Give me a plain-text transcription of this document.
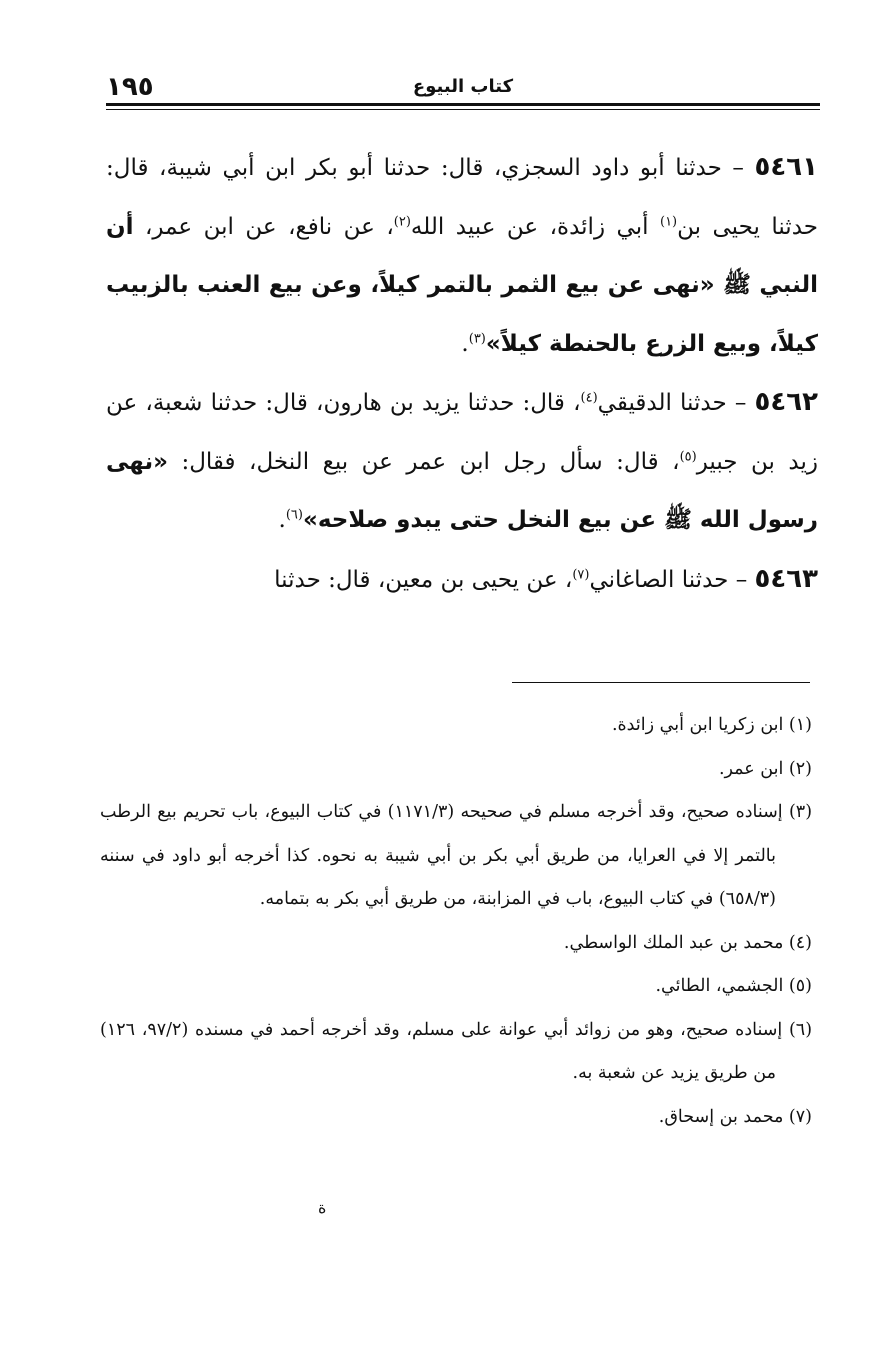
١٩٥	كتاب البيوع

٥٤٦١ – حدثنا أبو داود السجزي، قال: حدثنا أبو بكر ابن أبي شيبة، قال: حدثنا يحيى بن$^{(١)}$ أبي زائدة، عن عبيد الله$^{(٢)}$، عن نافع، عن ابن عمر، أن النبي ﷺ «نهى عن بيع الثمر بالتمر كيلاً، وعن بيع العنب بالزبيب كيلاً، وبيع الزرع بالحنطة كيلاً»$^{(٣)}$.

٥٤٦٢ – حدثنا الدقيقي$^{(٤)}$، قال: حدثنا يزيد بن هارون، قال: حدثنا شعبة، عن زيد بن جبير$^{(٥)}$، قال: سأل رجل ابن عمر عن بيع النخل، فقال: «نهى رسول الله ﷺ عن بيع النخل حتى يبدو صلاحه»$^{(٦)}$.

٥٤٦٣ – حدثنا الصاغاني$^{(٧)}$، عن يحيى بن معين، قال: حدثنا

(١) ابن زكريا ابن أبي زائدة.

(٢) ابن عمر.

(٣) إسناده صحيح، وقد أخرجه مسلم في صحيحه (١١٧١/٣) في كتاب البيوع، باب تحريم بيع الرطب بالتمر إلا في العرايا، من طريق أبي بكر بن أبي شيبة به نحوه. كذا أخرجه أبو داود في سننه (٦٥٨/٣) في كتاب البيوع، باب في المزابنة، من طريق أبي بكر به بتمامه.

(٤) محمد بن عبد الملك الواسطي.

(٥) الجشمي، الطائي.

(٦) إسناده صحيح، وهو من زوائد أبي عوانة على مسلم، وقد أخرجه أحمد في مسنده (٩٧/٢، ١٢٦) من طريق يزيد عن شعبة به.

(٧) محمد بن إسحاق.

ة
